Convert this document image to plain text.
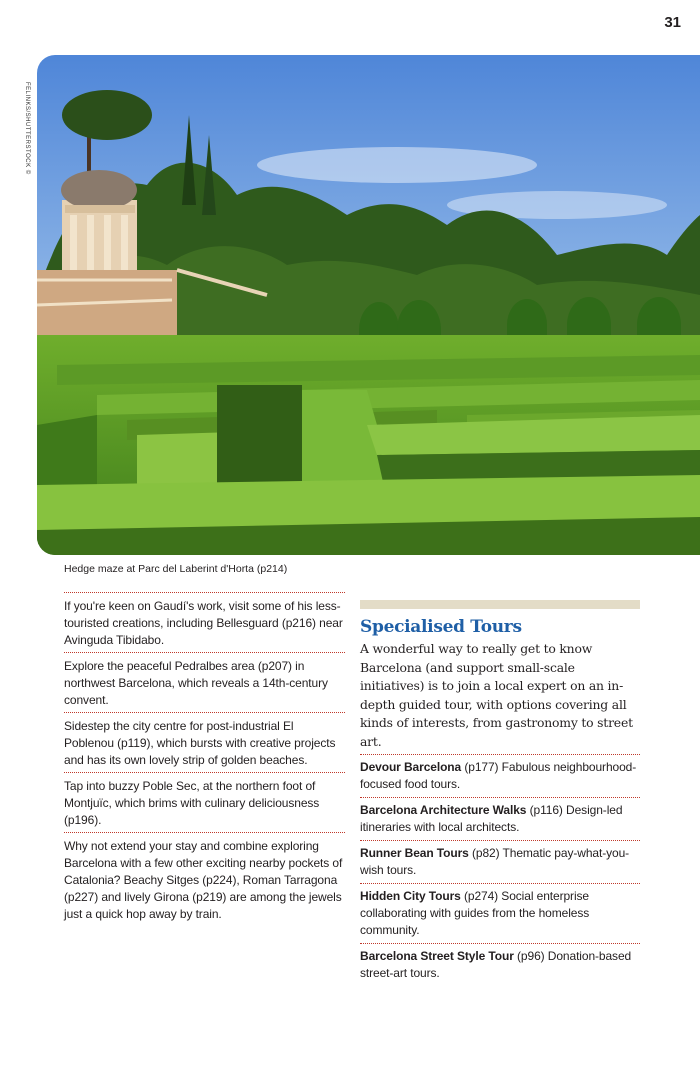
31
FELINKS/SHUTTERSTOCK ©
Hedge maze at Parc del Laberint d'Horta (p214)
If you're keen on Gaudí's work, visit some of his less-touristed creations, including Bellesguard (p216) near Avinguda Tibidabo.
Explore the peaceful Pedralbes area (p207) in northwest Barcelona, which reveals a 14th-century convent.
Sidestep the city centre for post-industrial El Poblenou (p119), which bursts with creative projects and has its own lovely strip of golden beaches.
Tap into buzzy Poble Sec, at the northern foot of Montjuïc, which brims with culinary deliciousness (p196).
Why not extend your stay and combine exploring Barcelona with a few other exciting nearby pockets of Catalonia? Beachy Sitges (p224), Roman Tarragona (p227) and lively Girona (p219) are among the jewels just a quick hop away by train.
Specialised Tours
A wonderful way to really get to know Barcelona (and support small-scale initiatives) is to join a local expert on an in-depth guided tour, with options covering all kinds of interests, from gastronomy to street art.
Devour Barcelona (p177) Fabulous neighbourhood-focused food tours.
Barcelona Architecture Walks (p116) Design-led itineraries with local architects.
Runner Bean Tours (p82) Thematic pay-what-you-wish tours.
Hidden City Tours (p274) Social enterprise collaborating with guides from the homeless community.
Barcelona Street Style Tour (p96) Donation-based street-art tours.
